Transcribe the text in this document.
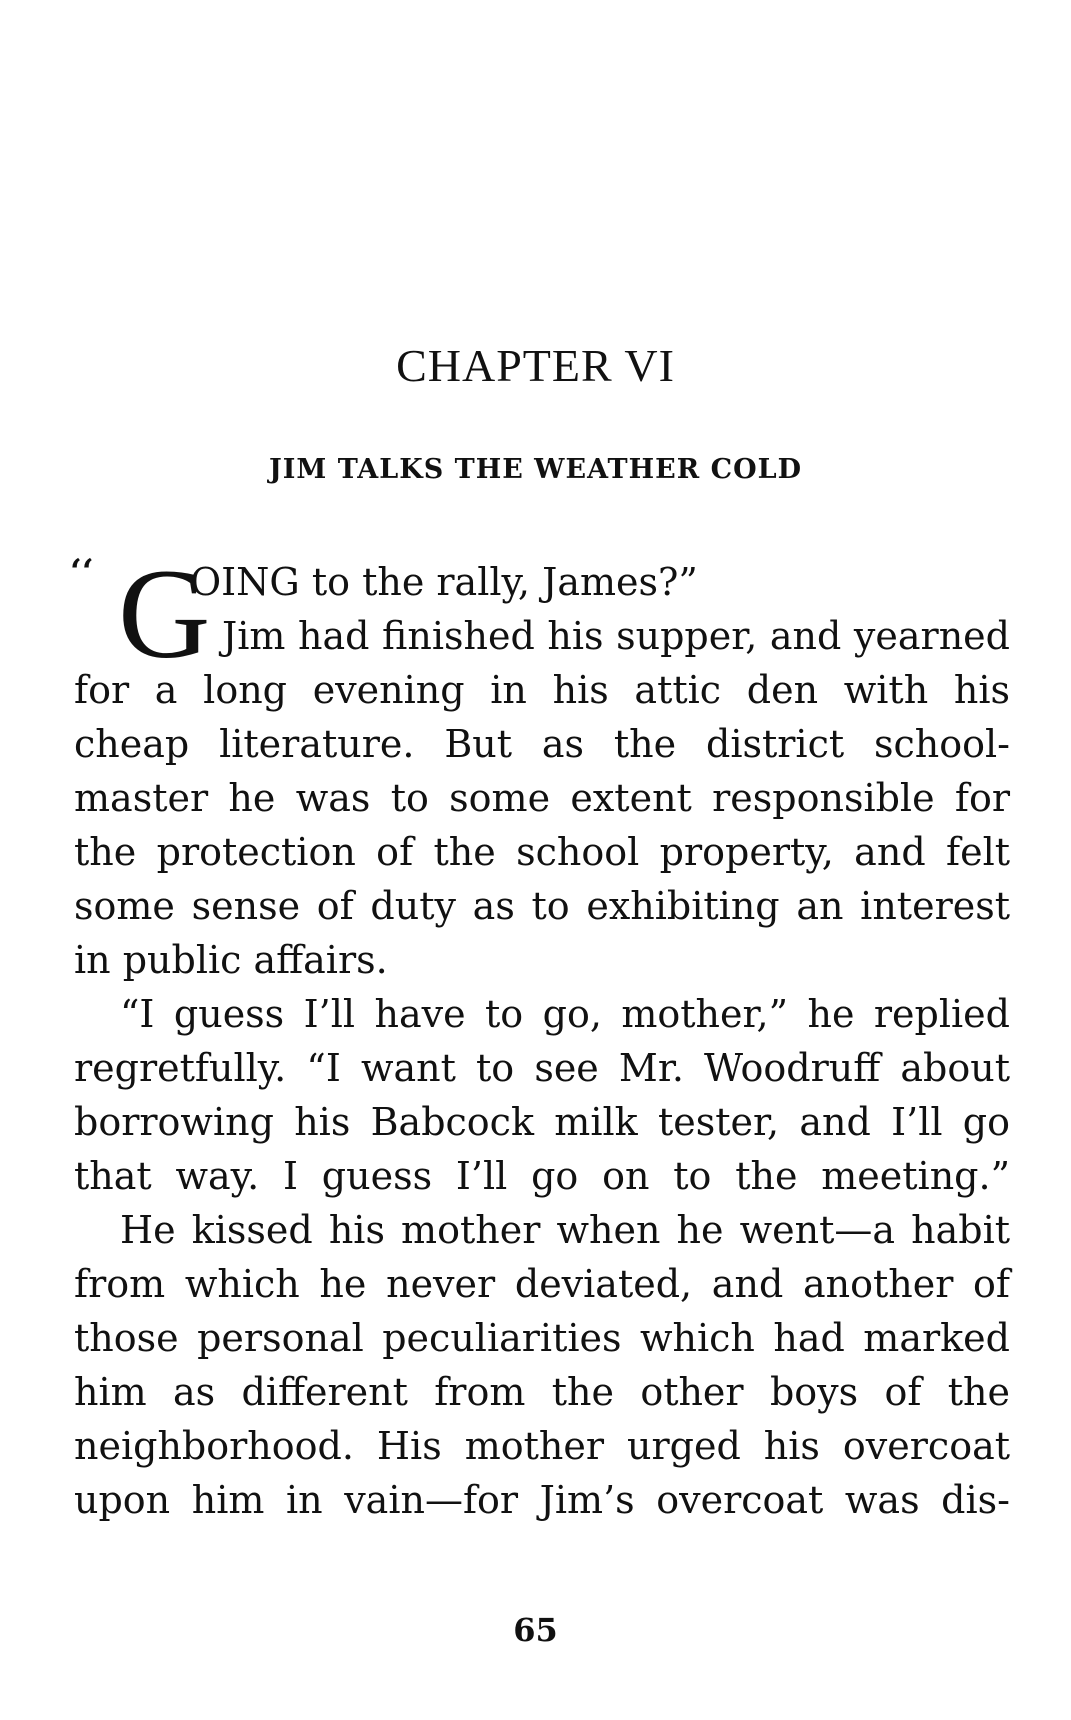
CHAPTER VI
JIM TALKS THE WEATHER COLD
‘‘ G
OING to the rally, James?”
Jim had finished his supper, and yearned
for a long evening in his attic den with his
cheap literature. But as the district school-
master he was to some extent responsible for
the protection of the school property, and felt
some sense of duty as to exhibiting an interest
in public affairs.
“I guess I’ll have to go, mother,” he replied
regretfully. “I want to see Mr. Woodruff about
borrowing his Babcock milk tester, and I’ll go
that way. I guess I’ll go on to the meeting.”
He kissed his mother when he went—a habit
from which he never deviated, and another of
those personal peculiarities which had marked
him as different from the other boys of the
neighborhood. His mother urged his overcoat
upon him in vain—for Jim’s overcoat was dis-
65
